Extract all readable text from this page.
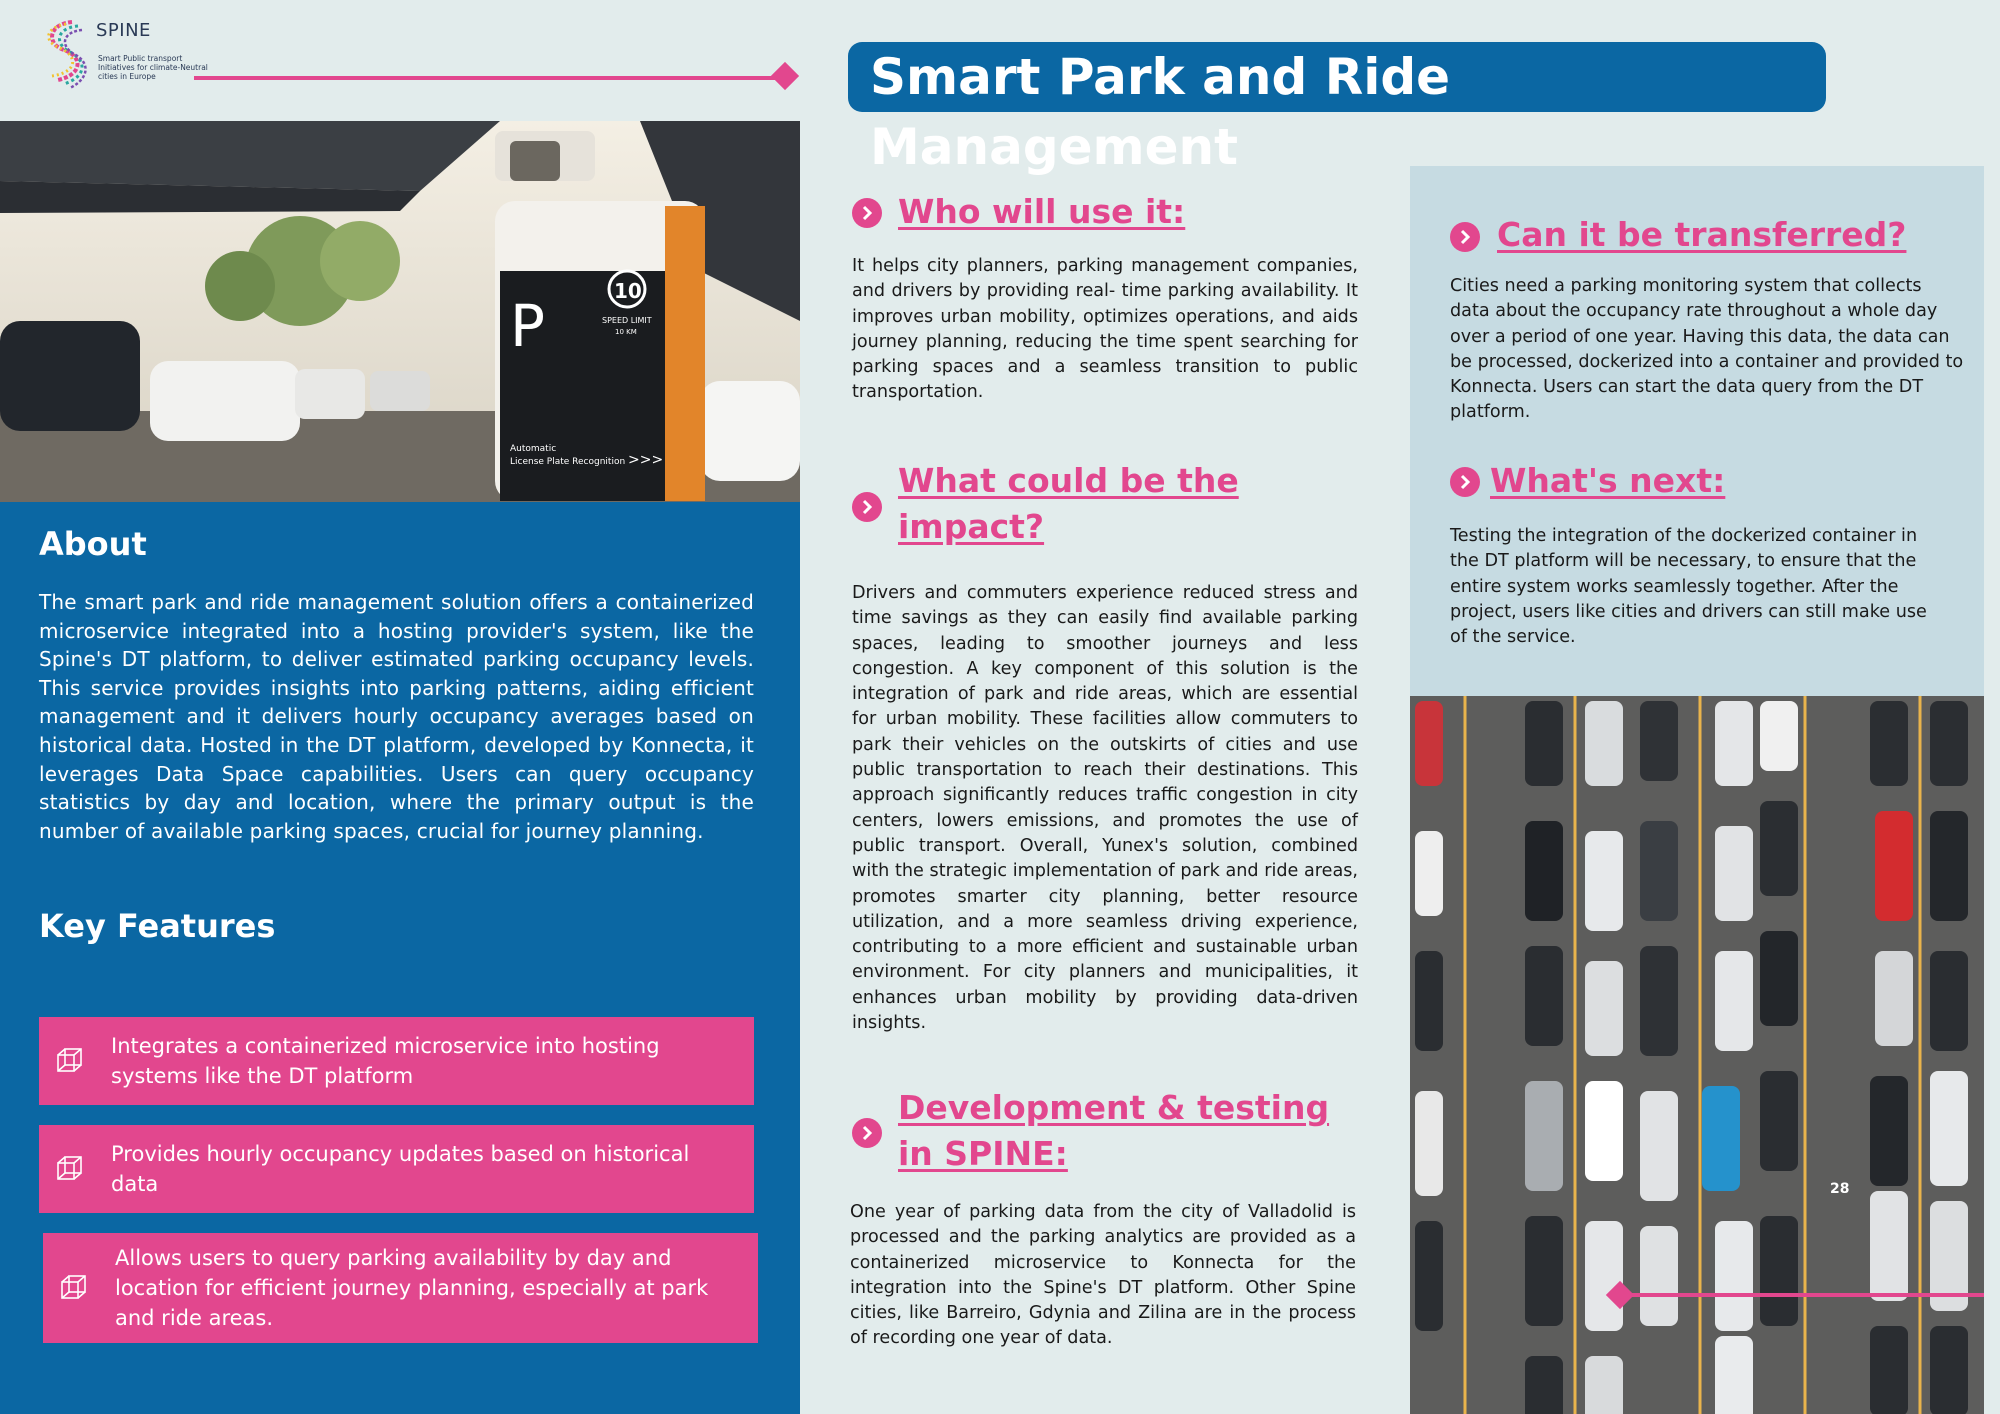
SPINE
Smart Public transport Initiatives for climate-Neutral cities in Europe	Smart Park and Ride Management
P
10
SPEED LIMIT
10 KM
Automatic
License Plate Recognition >>>
About
The smart park and ride management solution offers a containerized microservice integrated into a hosting provider's system, like the Spine's DT platform, to deliver estimated parking occupancy levels. This service provides insights into parking patterns, aiding efficient management and it delivers hourly occupancy averages based on historical data. Hosted in the DT platform, developed by Konnecta, it leverages Data Space capabilities. Users can query occupancy statistics by day and location, where the primary output is the number of available parking spaces, crucial for journey planning.
Key Features
Integrates a containerized microservice into hosting systems like the DT platform
Provides hourly occupancy updates based on historical data
Allows users to query parking availability by day and location for efficient journey planning, especially at park and ride areas.
Who will use it:
It helps city planners, parking management companies, and drivers by providing real- time parking availability. It improves urban mobility, optimizes operations, and aids journey planning, reducing the time spent searching for parking spaces and a seamless transition to public transportation.
What could be the
impact?
Drivers and commuters experience reduced stress and time savings as they can easily find available parking spaces, leading to smoother journeys and less congestion. A key component of this solution is the integration of park and ride areas, which are essential for urban mobility. These facilities allow commuters to park their vehicles on the outskirts of cities and use public transportation to reach their destinations. This approach significantly reduces traffic congestion in city centers, lowers emissions, and promotes the use of public transport. Overall, Yunex's solution, combined with the strategic implementation of park and ride areas, promotes smarter city planning, better resource utilization, and a more seamless driving experience, contributing to a more efficient and sustainable urban environment. For city planners and municipalities, it enhances urban mobility by providing data-driven insights.
Development & testing
in SPINE:
One year of parking data from the city of Valladolid is processed and the parking analytics are provided as a containerized microservice to Konnecta for the integration into the Spine's DT platform. Other Spine cities, like Barreiro, Gdynia and Zilina are in the process of recording one year of data.
Can it be transferred?
Cities need a parking monitoring system that collects data about the occupancy rate throughout a whole day over a period of one year. Having this data, the data can be processed, dockerized into a container and provided to Konnecta. Users can start the data query from the DT platform.
What's next:
Testing the integration of the dockerized container in the DT platform will be necessary, to ensure that the entire system works seamlessly together. After the project, users like cities and drivers can still make use of the service.
28
